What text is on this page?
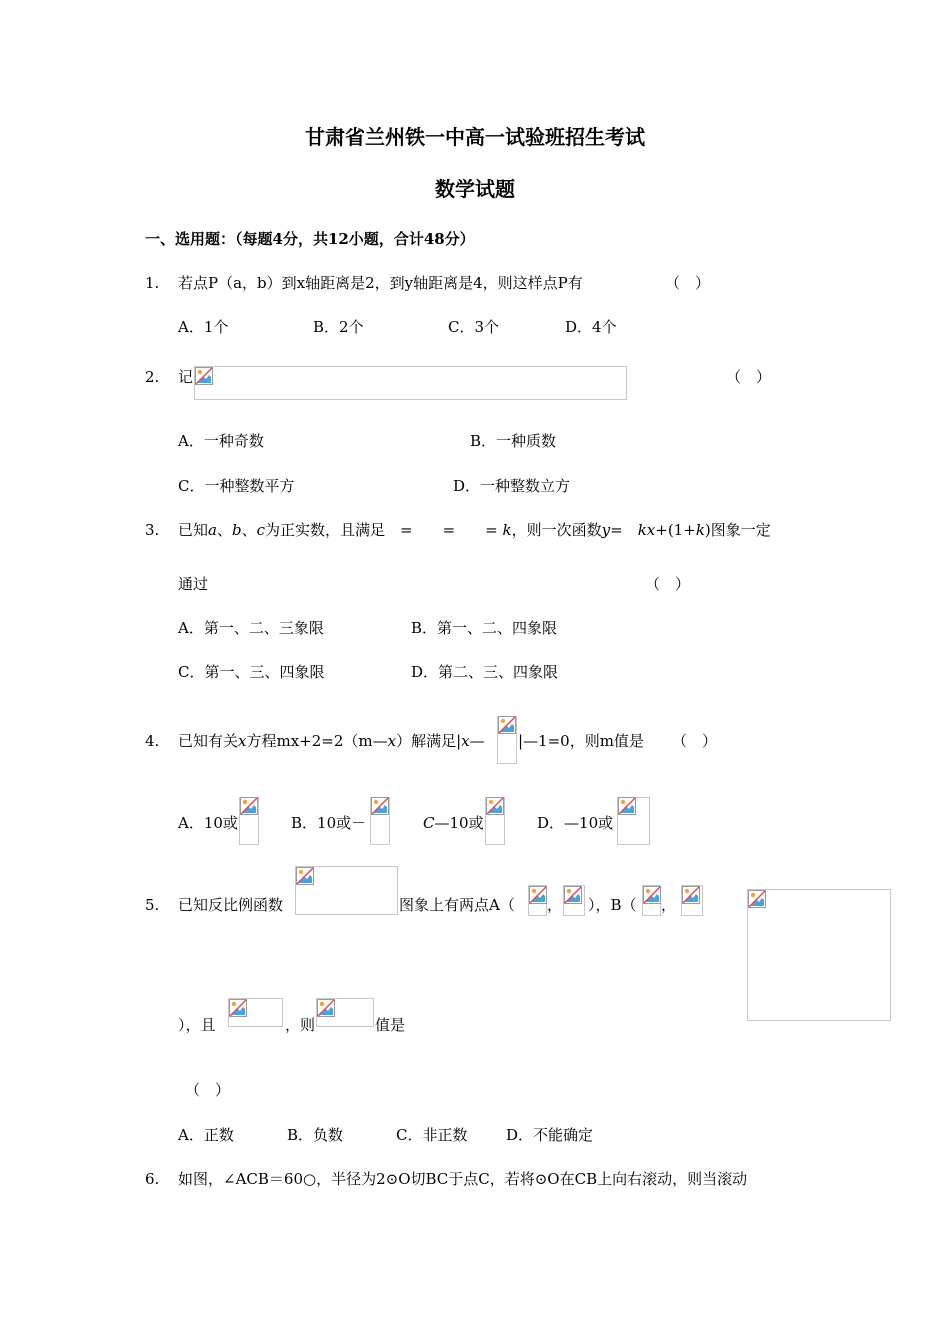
甘肃省兰州铁一中高一试验班招生考试
数学试题
一、选用题：（每题4分，共12小题，合计48分）
1. 若点P（a，b）到x轴距离是2，到y轴距离是4，则这样点P有	（　）
A．1个	B．2个	C．3个	D．4个
2. 记	（　）
A．一种奇数	B．一种质数
C．一种整数平方	D．一种整数立方
3. 已知a、b、c为正实数，且满足　=　　=　　= k，则一次函数y=　 kx+(1+k)图象一定
通过	（　）
A．第一、二、三象限	B．第一、二、四象限
C．第一、三、四象限	D．第二、三、四象限
4. 已知有关x方程mx+2=2（m—x）解满足|x— |—1=0，则m值是 （　）
A．10或	B．10或－	C—10或	D．—10或
5. 已知反比例函数	图象上有两点A（ ， ），B（ ，
），且	，则	值是
（　）
A．正数	B．负数	C．非正数	D．不能确定
6. 如图，∠ACB＝60○，半径为2⊙O切BC于点C，若将⊙O在CB上向右滚动，则当滚动
